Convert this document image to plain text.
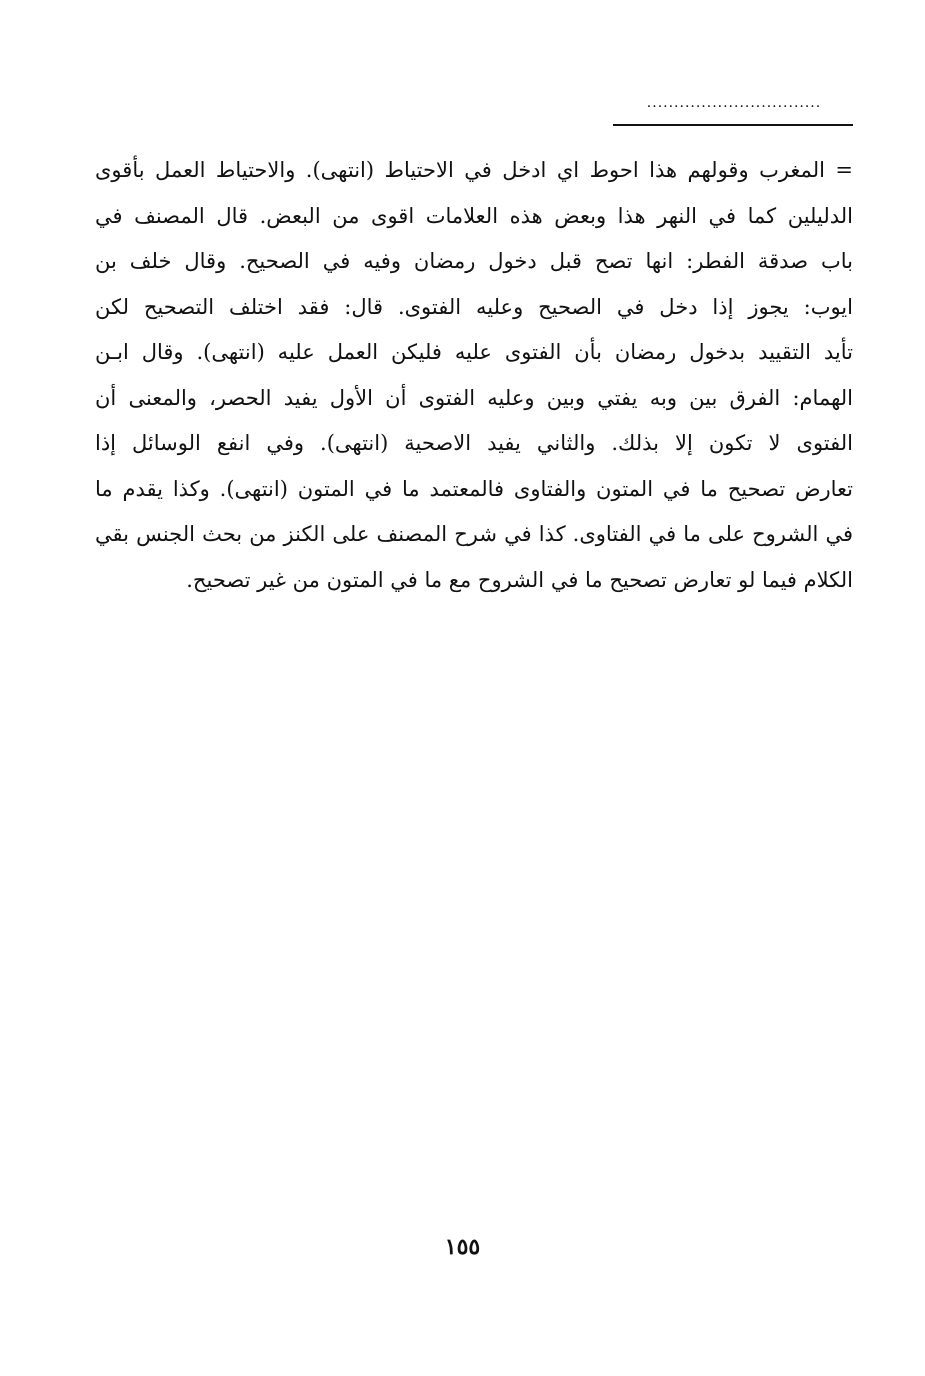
................................
= المغرب وقولهم هذا احوط اي ادخل في الاحتياط (انتهى). والاحتياط العمل بأقوى
الدليلين كما في النهر هذا وبعض هذه العلامات اقوى من البعض. قال المصنف في
باب صدقة الفطر: انها تصح قبل دخول رمضان وفيه في الصحيح. وقال خلف بن
ايوب: يجوز إذا دخل في الصحيح وعليه الفتوى. قال: فقد اختلف التصحيح لكن
تأيد التقييد بدخول رمضان بأن الفتوى عليه فليكن العمل عليه (انتهى). وقال ابـن
الهمام: الفرق بين وبه يفتي وبين وعليه الفتوى أن الأول يفيد الحصر، والمعنى أن
الفتوى لا تكون إلا بذلك. والثاني يفيد الاصحية (انتهى). وفي انفع الوسائل إذا
تعارض تصحيح ما في المتون والفتاوى فالمعتمد ما في المتون (انتهى). وكذا يقدم ما
في الشروح على ما في الفتاوى. كذا في شرح المصنف على الكنز من بحث الجنس بقي
الكلام فيما لو تعارض تصحيح ما في الشروح مع ما في المتون من غير تصحيح.
١٥٥
